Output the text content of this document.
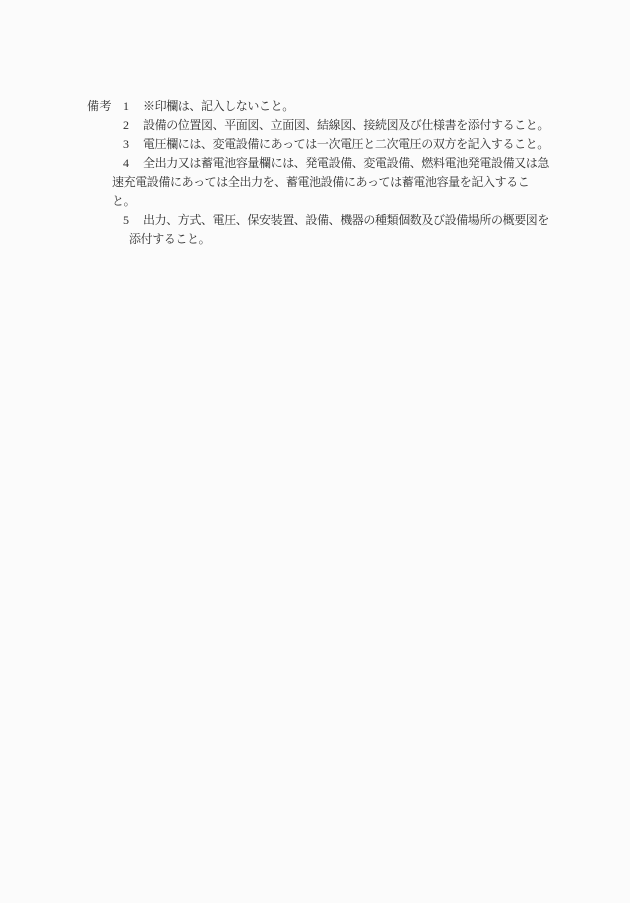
備考 1 ※印欄は、記入しないこと。
2 設備の位置図、平面図、立面図、結線図、接続図及び仕様書を添付すること。
3 電圧欄には、変電設備にあっては一次電圧と二次電圧の双方を記入すること。
4 全出力又は蓄電池容量欄には、発電設備、変電設備、燃料電池発電設備又は急
速充電設備にあっては全出力を、蓄電池設備にあっては蓄電池容量を記入するこ
と。
5 出力、方式、電圧、保安装置、設備、機器の種類個数及び設備場所の概要図を
添付すること。
